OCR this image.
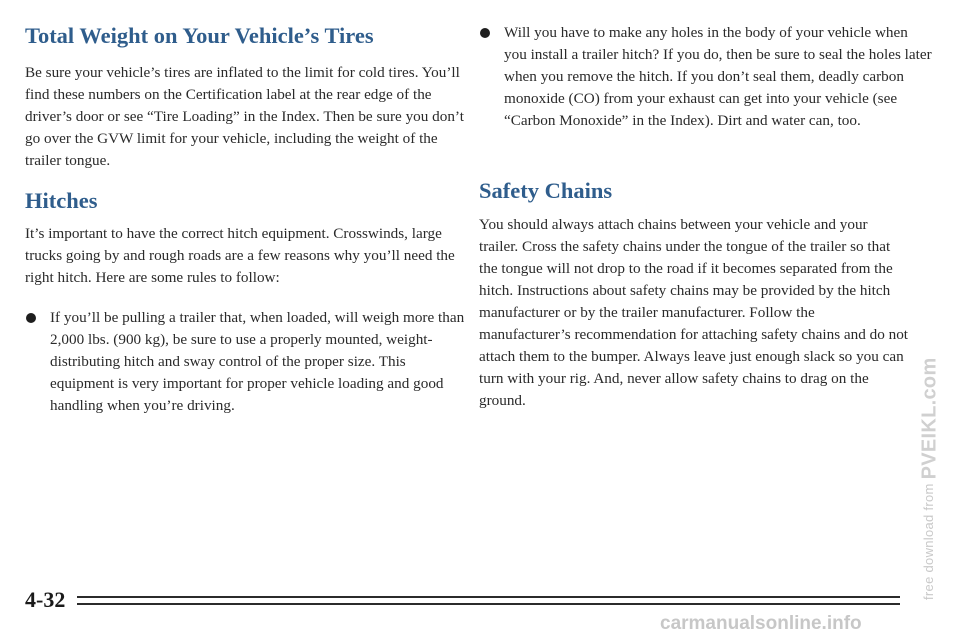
Total Weight on Your Vehicle’s Tires

Be sure your vehicle’s tires are inflated to the limit for cold tires. You’ll find these numbers on the Certification label at the rear edge of the driver’s door or see “Tire Loading” in the Index. Then be sure you don’t go over the GVW limit for your vehicle, including the weight of the trailer tongue.

Hitches

It’s important to have the correct hitch equipment. Crosswinds, large trucks going by and rough roads are a few reasons why you’ll need the right hitch. Here are some rules to follow:

If you’ll be pulling a trailer that, when loaded, will weigh more than 2,000 lbs. (900 kg), be sure to use a properly mounted, weight-distributing hitch and sway control of the proper size. This equipment is very important for proper vehicle loading and good handling when you’re driving.

Will you have to make any holes in the body of your vehicle when you install a trailer hitch? If you do, then be sure to seal the holes later when you remove the hitch. If you don’t seal them, deadly carbon monoxide (CO) from your exhaust can get into your vehicle (see “Carbon Monoxide” in the Index). Dirt and water can, too.

Safety Chains

You should always attach chains between your vehicle and your trailer. Cross the safety chains under the tongue of the trailer so that the tongue will not drop to the road if it becomes separated from the hitch. Instructions about safety chains may be provided by the hitch manufacturer or by the trailer manufacturer. Follow the manufacturer’s recommendation for attaching safety chains and do not attach them to the bumper. Always leave just enough slack so you can turn with your rig. And, never allow safety chains to drag on the ground.

4-32	free download from PVEIKL.com
carmanualsonline.info
